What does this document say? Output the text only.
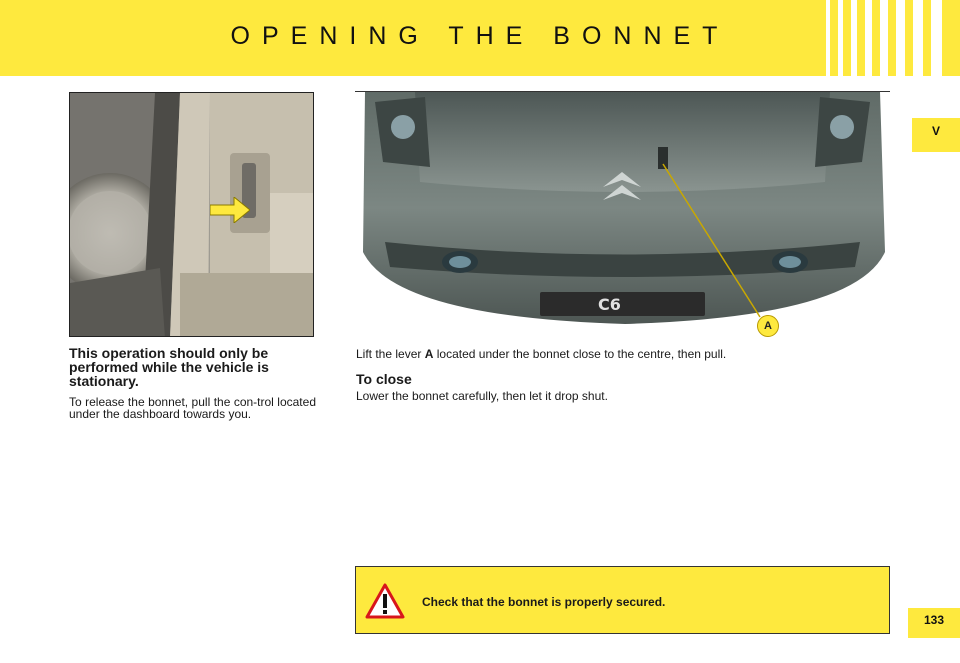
OPENING THE BONNET
V
133
C6
A

This operation should only be performed while the vehicle is stationary.

To release the bonnet, pull the con-trol located under the dashboard towards you.

Lift the lever A located under the bonnet close to the centre, then pull.

To close

Lower the bonnet carefully, then let it drop shut.

Check that the bonnet is properly secured.
